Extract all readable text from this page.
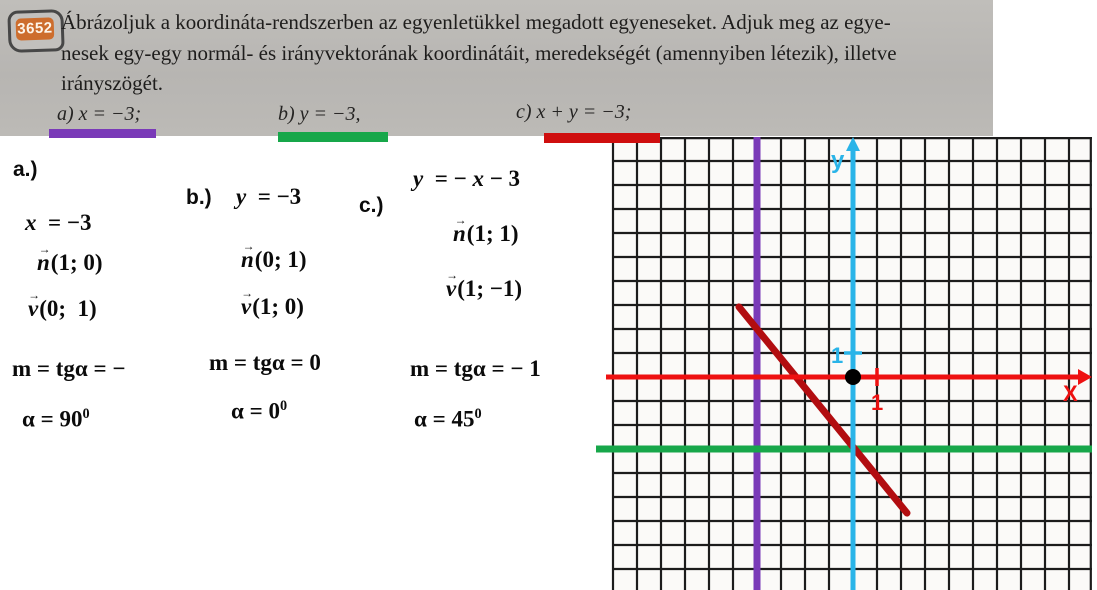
3652 Ábrázoljuk a koordináta-rendszerben az egyenletükkel megadott egyeneseket. Adjuk meg az egye-
nesek egy-egy normál- és irányvektorának koordinátáit, meredekségét (amennyiben létezik), illetve
irányszögét.
a) x = −3;	b) y = −3,	c) x + y = −3;
a.)
x  = −3
→ n(1; 0)
→ v(0;  1)
m = tgα = −
$\alpha = 90^0$
b.) y  = −3
→ n(0; 1)
→ v(1; 0)
m = tgα = 0
$\alpha = 0^0$
c.)
y  = − x − 3
→ n(1; 1)
→ v(1; −1)
m = tgα = − 1
$\alpha = 45^0$
X
1
y
1
